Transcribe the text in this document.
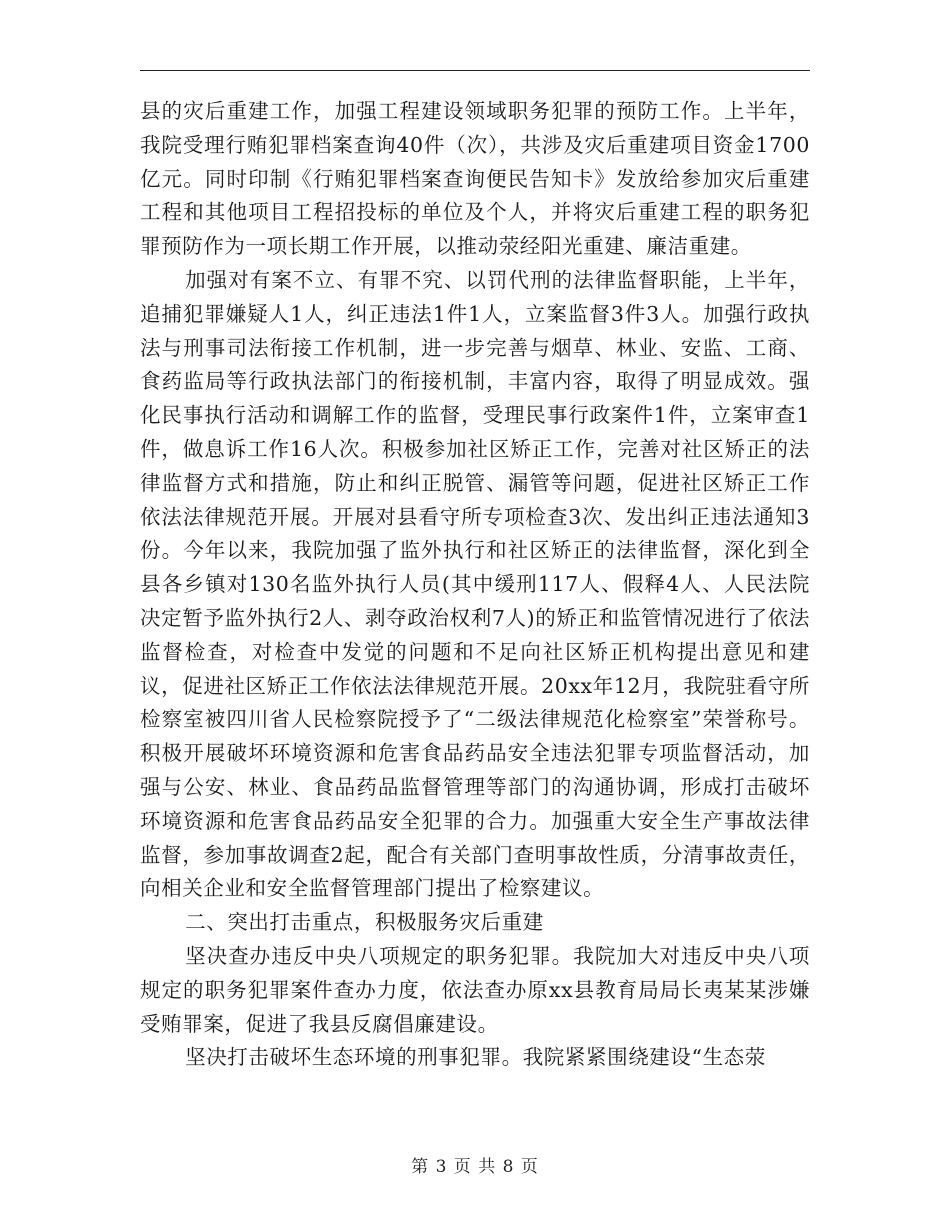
县的灾后重建工作，加强工程建设领域职务犯罪的预防工作。上半年，我院受理行贿犯罪档案查询40件（次），共涉及灾后重建项目资金1700亿元。同时印制《行贿犯罪档案查询便民告知卡》发放给参加灾后重建工程和其他项目工程招投标的单位及个人，并将灾后重建工程的职务犯罪预防作为一项长期工作开展，以推动荥经阳光重建、廉洁重建。

加强对有案不立、有罪不究、以罚代刑的法律监督职能，上半年，追捕犯罪嫌疑人1人，纠正违法1件1人，立案监督3件3人。加强行政执法与刑事司法衔接工作机制，进一步完善与烟草、林业、安监、工商、食药监局等行政执法部门的衔接机制，丰富内容，取得了明显成效。强化民事执行活动和调解工作的监督，受理民事行政案件1件，立案审查1件，做息诉工作16人次。积极参加社区矫正工作，完善对社区矫正的法律监督方式和措施，防止和纠正脱管、漏管等问题，促进社区矫正工作依法法律规范开展。开展对县看守所专项检查3次、发出纠正违法通知3份。今年以来，我院加强了监外执行和社区矫正的法律监督，深化到全县各乡镇对130名监外执行人员(其中缓刑117人、假释4人、人民法院决定暂予监外执行2人、剥夺政治权利7人)的矫正和监管情况进行了依法监督检查，对检查中发觉的问题和不足向社区矫正机构提出意见和建议，促进社区矫正工作依法法律规范开展。20xx年12月，我院驻看守所检察室被四川省人民检察院授予了“二级法律规范化检察室”荣誉称号。积极开展破坏环境资源和危害食品药品安全违法犯罪专项监督活动，加强与公安、林业、食品药品监督管理等部门的沟通协调，形成打击破坏环境资源和危害食品药品安全犯罪的合力。加强重大安全生产事故法律监督，参加事故调查2起，配合有关部门查明事故性质，分清事故责任，向相关企业和安全监督管理部门提出了检察建议。

二、突出打击重点，积极服务灾后重建

坚决查办违反中央八项规定的职务犯罪。我院加大对违反中央八项规定的职务犯罪案件查办力度，依法查办原xx县教育局局长夷某某涉嫌受贿罪案，促进了我县反腐倡廉建设。

坚决打击破坏生态环境的刑事犯罪。我院紧紧围绕建设“生态荥

第 3 页 共 8 页
